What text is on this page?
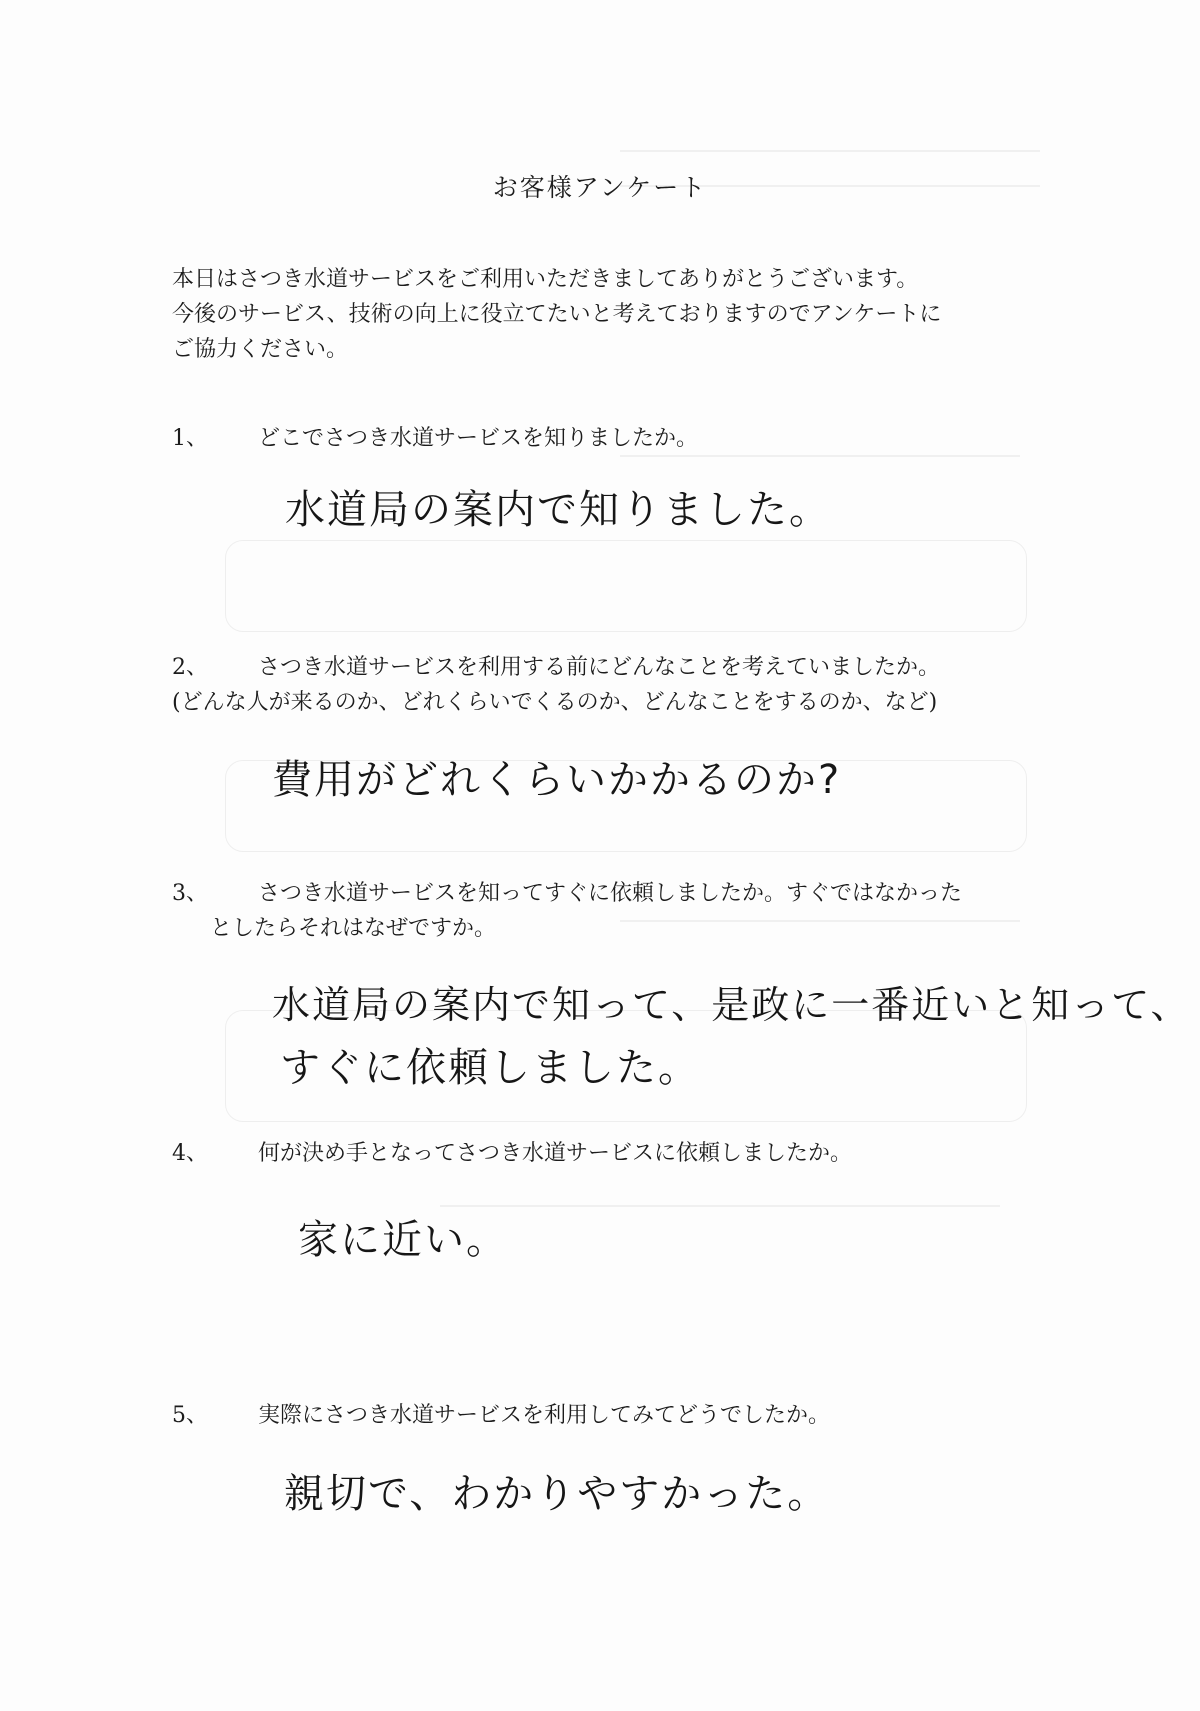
お客様アンケート
本日はさつき水道サービスをご利用いただきましてありがとうございます。
今後のサービス、技術の向上に役立てたいと考えておりますのでアンケートに
ご協力ください。
1、 どこでさつき水道サービスを知りましたか。
水道局の案内で知りました。
2、 さつき水道サービスを利用する前にどんなことを考えていましたか。
(どんな人が来るのか、どれくらいでくるのか、どんなことをするのか、など)
費用がどれくらいかかるのか?
3、 さつき水道サービスを知ってすぐに依頼しましたか。すぐではなかった
としたらそれはなぜですか。
水道局の案内で知って、是政に一番近いと知って、
すぐに依頼しました。
4、 何が決め手となってさつき水道サービスに依頼しましたか。
家に近い。
5、 実際にさつき水道サービスを利用してみてどうでしたか。
親切で、わかりやすかった。
